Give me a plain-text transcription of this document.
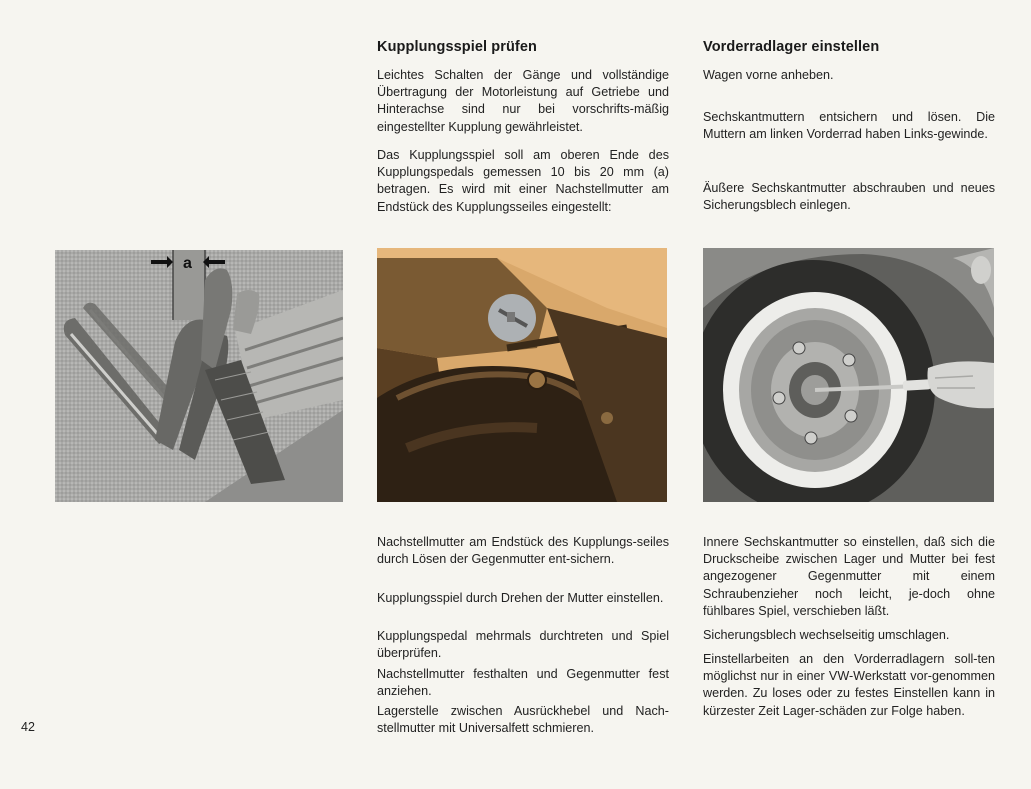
Kupplungsspiel prüfen

Leichtes Schalten der Gänge und vollständige Übertragung der Motorleistung auf Getriebe und Hinterachse sind nur bei vorschrifts-mäßig eingestellter Kupplung gewährleistet.

Das Kupplungsspiel soll am oberen Ende des Kupplungspedals gemessen 10 bis 20 mm (a) betragen. Es wird mit einer Nachstellmutter am Endstück des Kupplungsseiles eingestellt:

Nachstellmutter am Endstück des Kupplungs-seiles durch Lösen der Gegenmutter ent-sichern.

Kupplungsspiel durch Drehen der Mutter einstellen.

Kupplungspedal mehrmals durchtreten und Spiel überprüfen.

Nachstellmutter festhalten und Gegenmutter fest anziehen.

Lagerstelle zwischen Ausrückhebel und Nach-stellmutter mit Universalfett schmieren.

Vorderradlager einstellen

Wagen vorne anheben.

Sechskantmuttern entsichern und lösen. Die Muttern am linken Vorderrad haben Links-gewinde.

Äußere Sechskantmutter abschrauben und neues Sicherungsblech einlegen.

Innere Sechskantmutter so einstellen, daß sich die Druckscheibe zwischen Lager und Mutter bei fest angezogener Gegenmutter mit einem Schraubenzieher noch leicht, je-doch ohne fühlbares Spiel, verschieben läßt.

Sicherungsblech wechselseitig umschlagen.

Einstellarbeiten an den Vorderradlagern soll-ten möglichst nur in einer VW-Werkstatt vor-genommen werden. Zu loses oder zu festes Einstellen kann in kürzester Zeit Lager-schäden zur Folge haben.

42
a
